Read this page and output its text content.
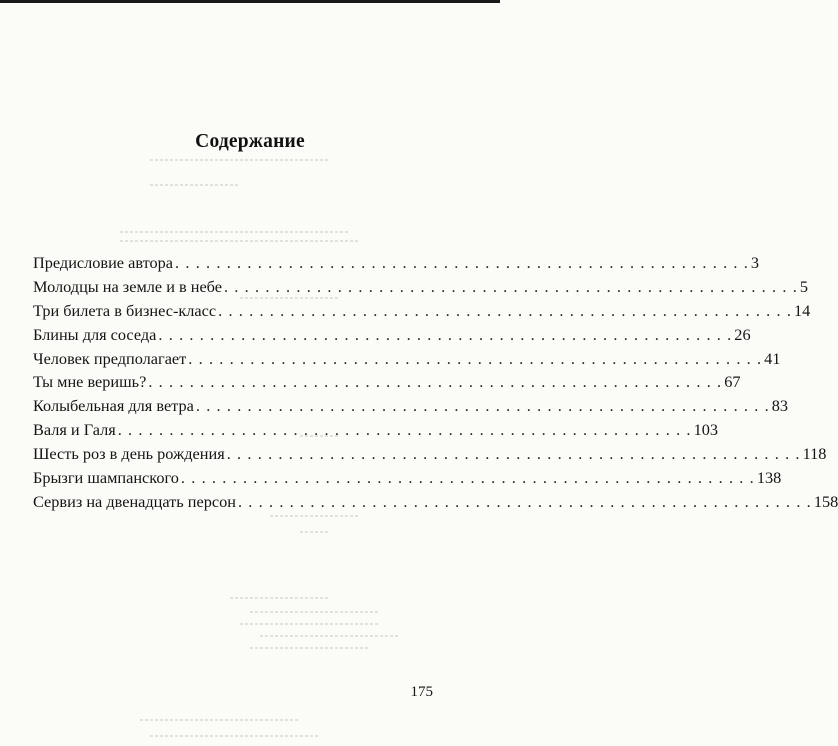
Содержание
Предисловие автора . . . . . . . . . . . . . . . . . . . . . . . . . . . . . . . . . . . . . . . . . . . . . . . . . . . . . . . . 3
Молодцы на земле и в небе . . . . . . . . . . . . . . . . . . . . . . . . . . . . . . . . . . . . . . . . . . . . . . . . . . . . . . . . 5
Три билета в бизнес-класс . . . . . . . . . . . . . . . . . . . . . . . . . . . . . . . . . . . . . . . . . . . . . . . . . . . . . . . . 14
Блины для соседа . . . . . . . . . . . . . . . . . . . . . . . . . . . . . . . . . . . . . . . . . . . . . . . . . . . . . . . . 26
Человек предполагает . . . . . . . . . . . . . . . . . . . . . . . . . . . . . . . . . . . . . . . . . . . . . . . . . . . . . . . . 41
Ты мне веришь? . . . . . . . . . . . . . . . . . . . . . . . . . . . . . . . . . . . . . . . . . . . . . . . . . . . . . . . . 67
Колыбельная для ветра . . . . . . . . . . . . . . . . . . . . . . . . . . . . . . . . . . . . . . . . . . . . . . . . . . . . . . . . 83
Валя и Галя . . . . . . . . . . . . . . . . . . . . . . . . . . . . . . . . . . . . . . . . . . . . . . . . . . . . . . . . 103
Шесть роз в день рождения . . . . . . . . . . . . . . . . . . . . . . . . . . . . . . . . . . . . . . . . . . . . . . . . . . . . . . . . 118
Брызги шампанского . . . . . . . . . . . . . . . . . . . . . . . . . . . . . . . . . . . . . . . . . . . . . . . . . . . . . . . . 138
Сервиз на двенадцать персон . . . . . . . . . . . . . . . . . . . . . . . . . . . . . . . . . . . . . . . . . . . . . . . . . . . . . . . . 158
175
